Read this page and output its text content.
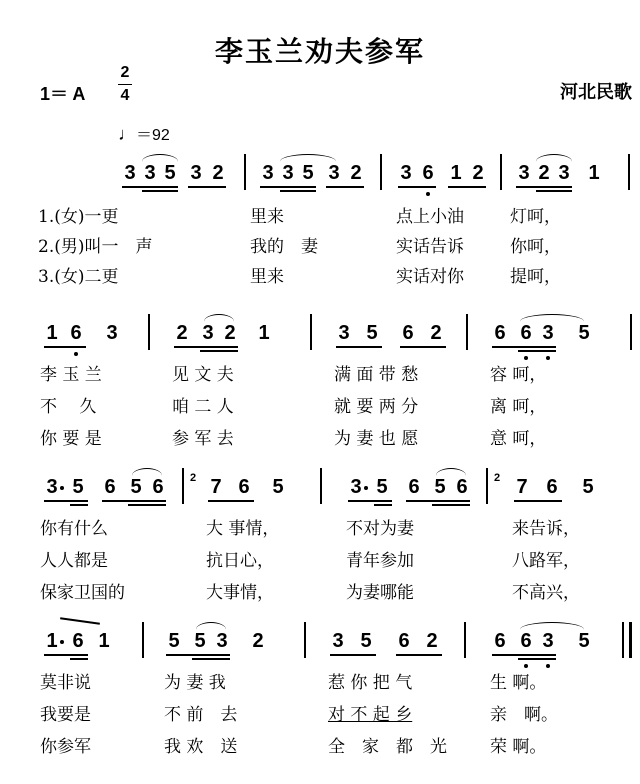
李玉兰劝夫参军
1＝ A
2
4	河北民歌
♩＝92
3 3 5 3 2 3 3 5 3 2 3 6 1 2 3 2 3 1
1.(女)一更	里来	点上小油	灯呵，
2.(男)叫一　声	我的　妻	实话告诉	你呵，
3.(女)二更	里来	实话对你	提呵，
1 6 3	2 3 2 1	3 5 6 2	6 6 3 5
李 玉 兰	见 文 夫	满 面 带 愁	容 呵，
不　 久	咱 二 人	就 要 两 分	离 呵，
你 要 是	参 军 去	为 妻 也 愿	意 呵，
3 5 6 5 6	2 7 6 5	3 5 6 5 6	2 7 6 5
你有什么	大 事情，	不对为妻	来告诉，
人人都是	抗日心，	青年参加	八路军，
保家卫国的	大事情，	为妻哪能	不高兴，
1 6 1	5 5 3 2	3 5 6 2	6 6 3 5
莫非说	为 妻 我	惹 你 把 气	生 啊。
我要是	不 前　去	对 不 起 乡	亲　啊。
你参军	我 欢　送	全　家　都　光	荣 啊。
